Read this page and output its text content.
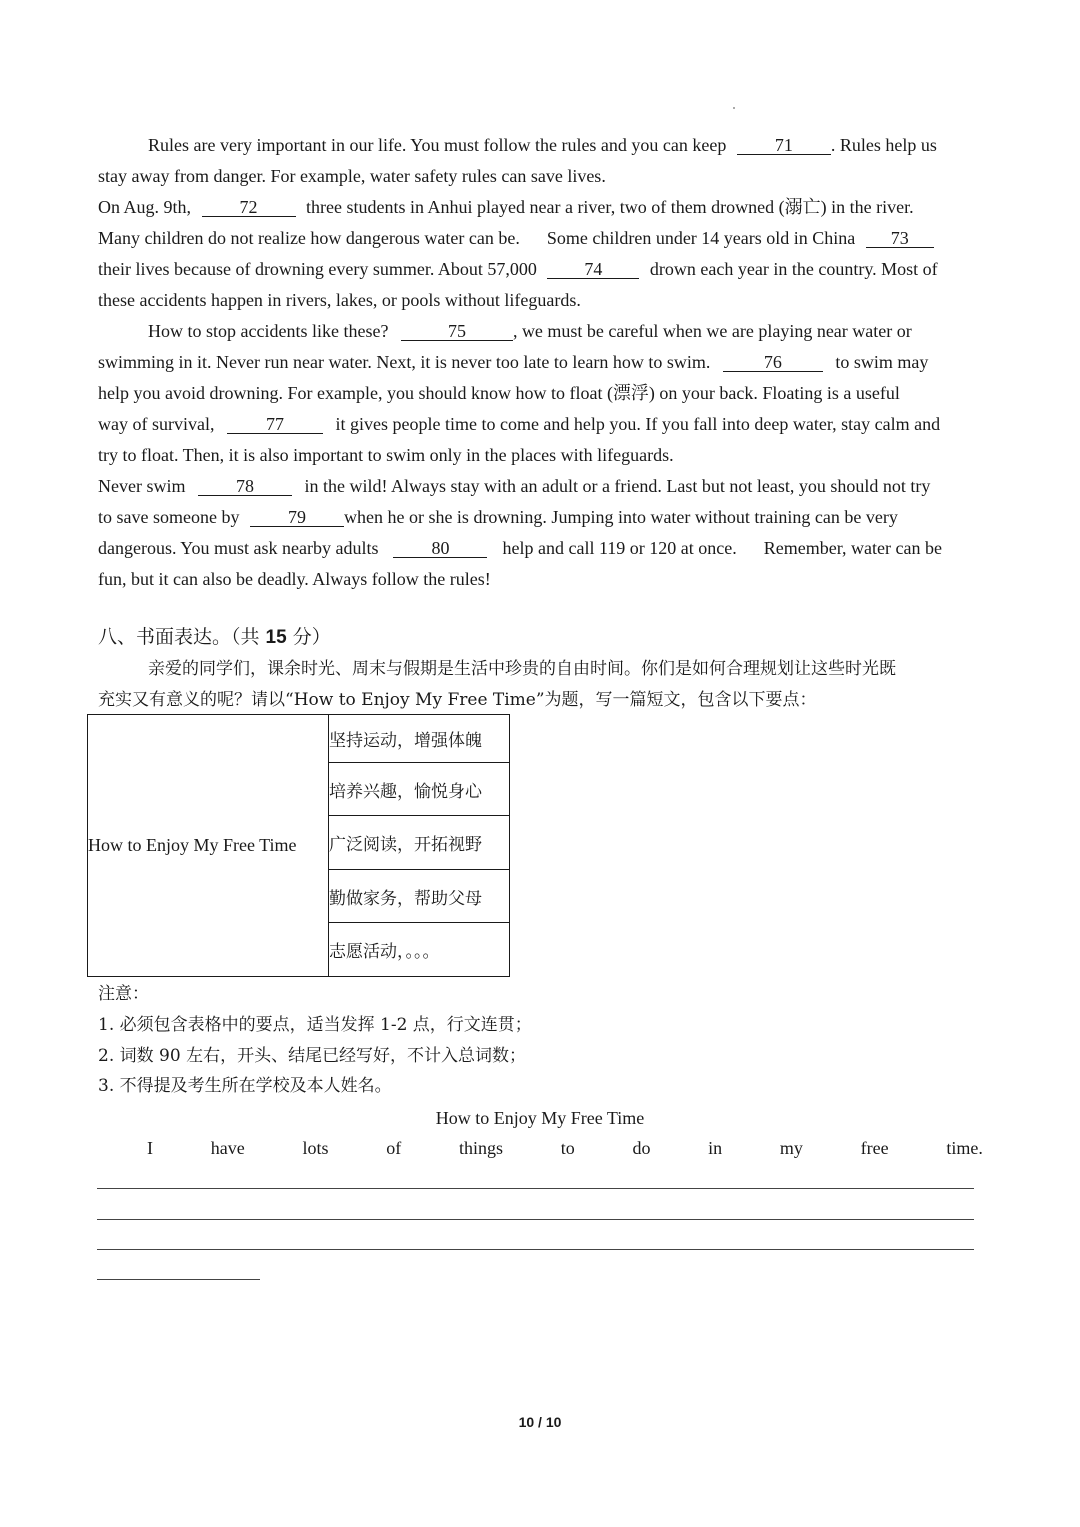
Rules are very important in our life. You must follow the rules and you can keep	71 . Rules help us
stay away from danger. For example, water safety rules can save lives.
On Aug. 9th,	72	three students in Anhui played near a river, two of them drowned (溺亡) in the river.
Many children do not realize how dangerous water can be.      Some children under 14 years old in China 73
their lives because of drowning every summer. About 57,000	74	drown each year in the country. Most of
these accidents happen in rivers, lakes, or pools without lifeguards.
How to stop accidents like these?	75	, we must be careful when we are playing near water or
swimming in it. Never run near water. Next, it is never too late to learn how to swim.	76	to swim may
help you avoid drowning. For example, you should know how to float (漂浮) on your back. Floating is a useful
way of survival,	77	it gives people time to come and help you. If you fall into deep water, stay calm and
try to float. Then, it is also important to swim only in the places with lifeguards.
Never swim	78	in the wild! Always stay with an adult or a friend. Last but not least, you should not try
to save someone by	79 when he or she is drowning. Jumping into water without training can be very
dangerous. You must ask nearby adults	80	help and call 119 or 120 at once.      Remember, water can be
fun, but it can also be deadly. Always follow the rules!
八、书面表达。（共 15 分）
亲爱的同学们，课余时光、周末与假期是生活中珍贵的自由时间。你们是如何合理规划让这些时光既
充实又有意义的呢？请以“How to Enjoy My Free Time”为题，写一篇短文，包含以下要点：
How to Enjoy My Free Time	坚持运动，增强体魄
培养兴趣，愉悦身心
广泛阅读，开拓视野
勤做家务，帮助父母
志愿活动，。。。
注意：
1. 必须包含表格中的要点，适当发挥 1-2 点，行文连贯；
2. 词数 90 左右，开头、结尾已经写好，不计入总词数；
3. 不得提及考生所在学校及本人姓名。
How to Enjoy My Free Time
I	have	lots	of	things	to	do	in	my	free	time.
10 / 10
